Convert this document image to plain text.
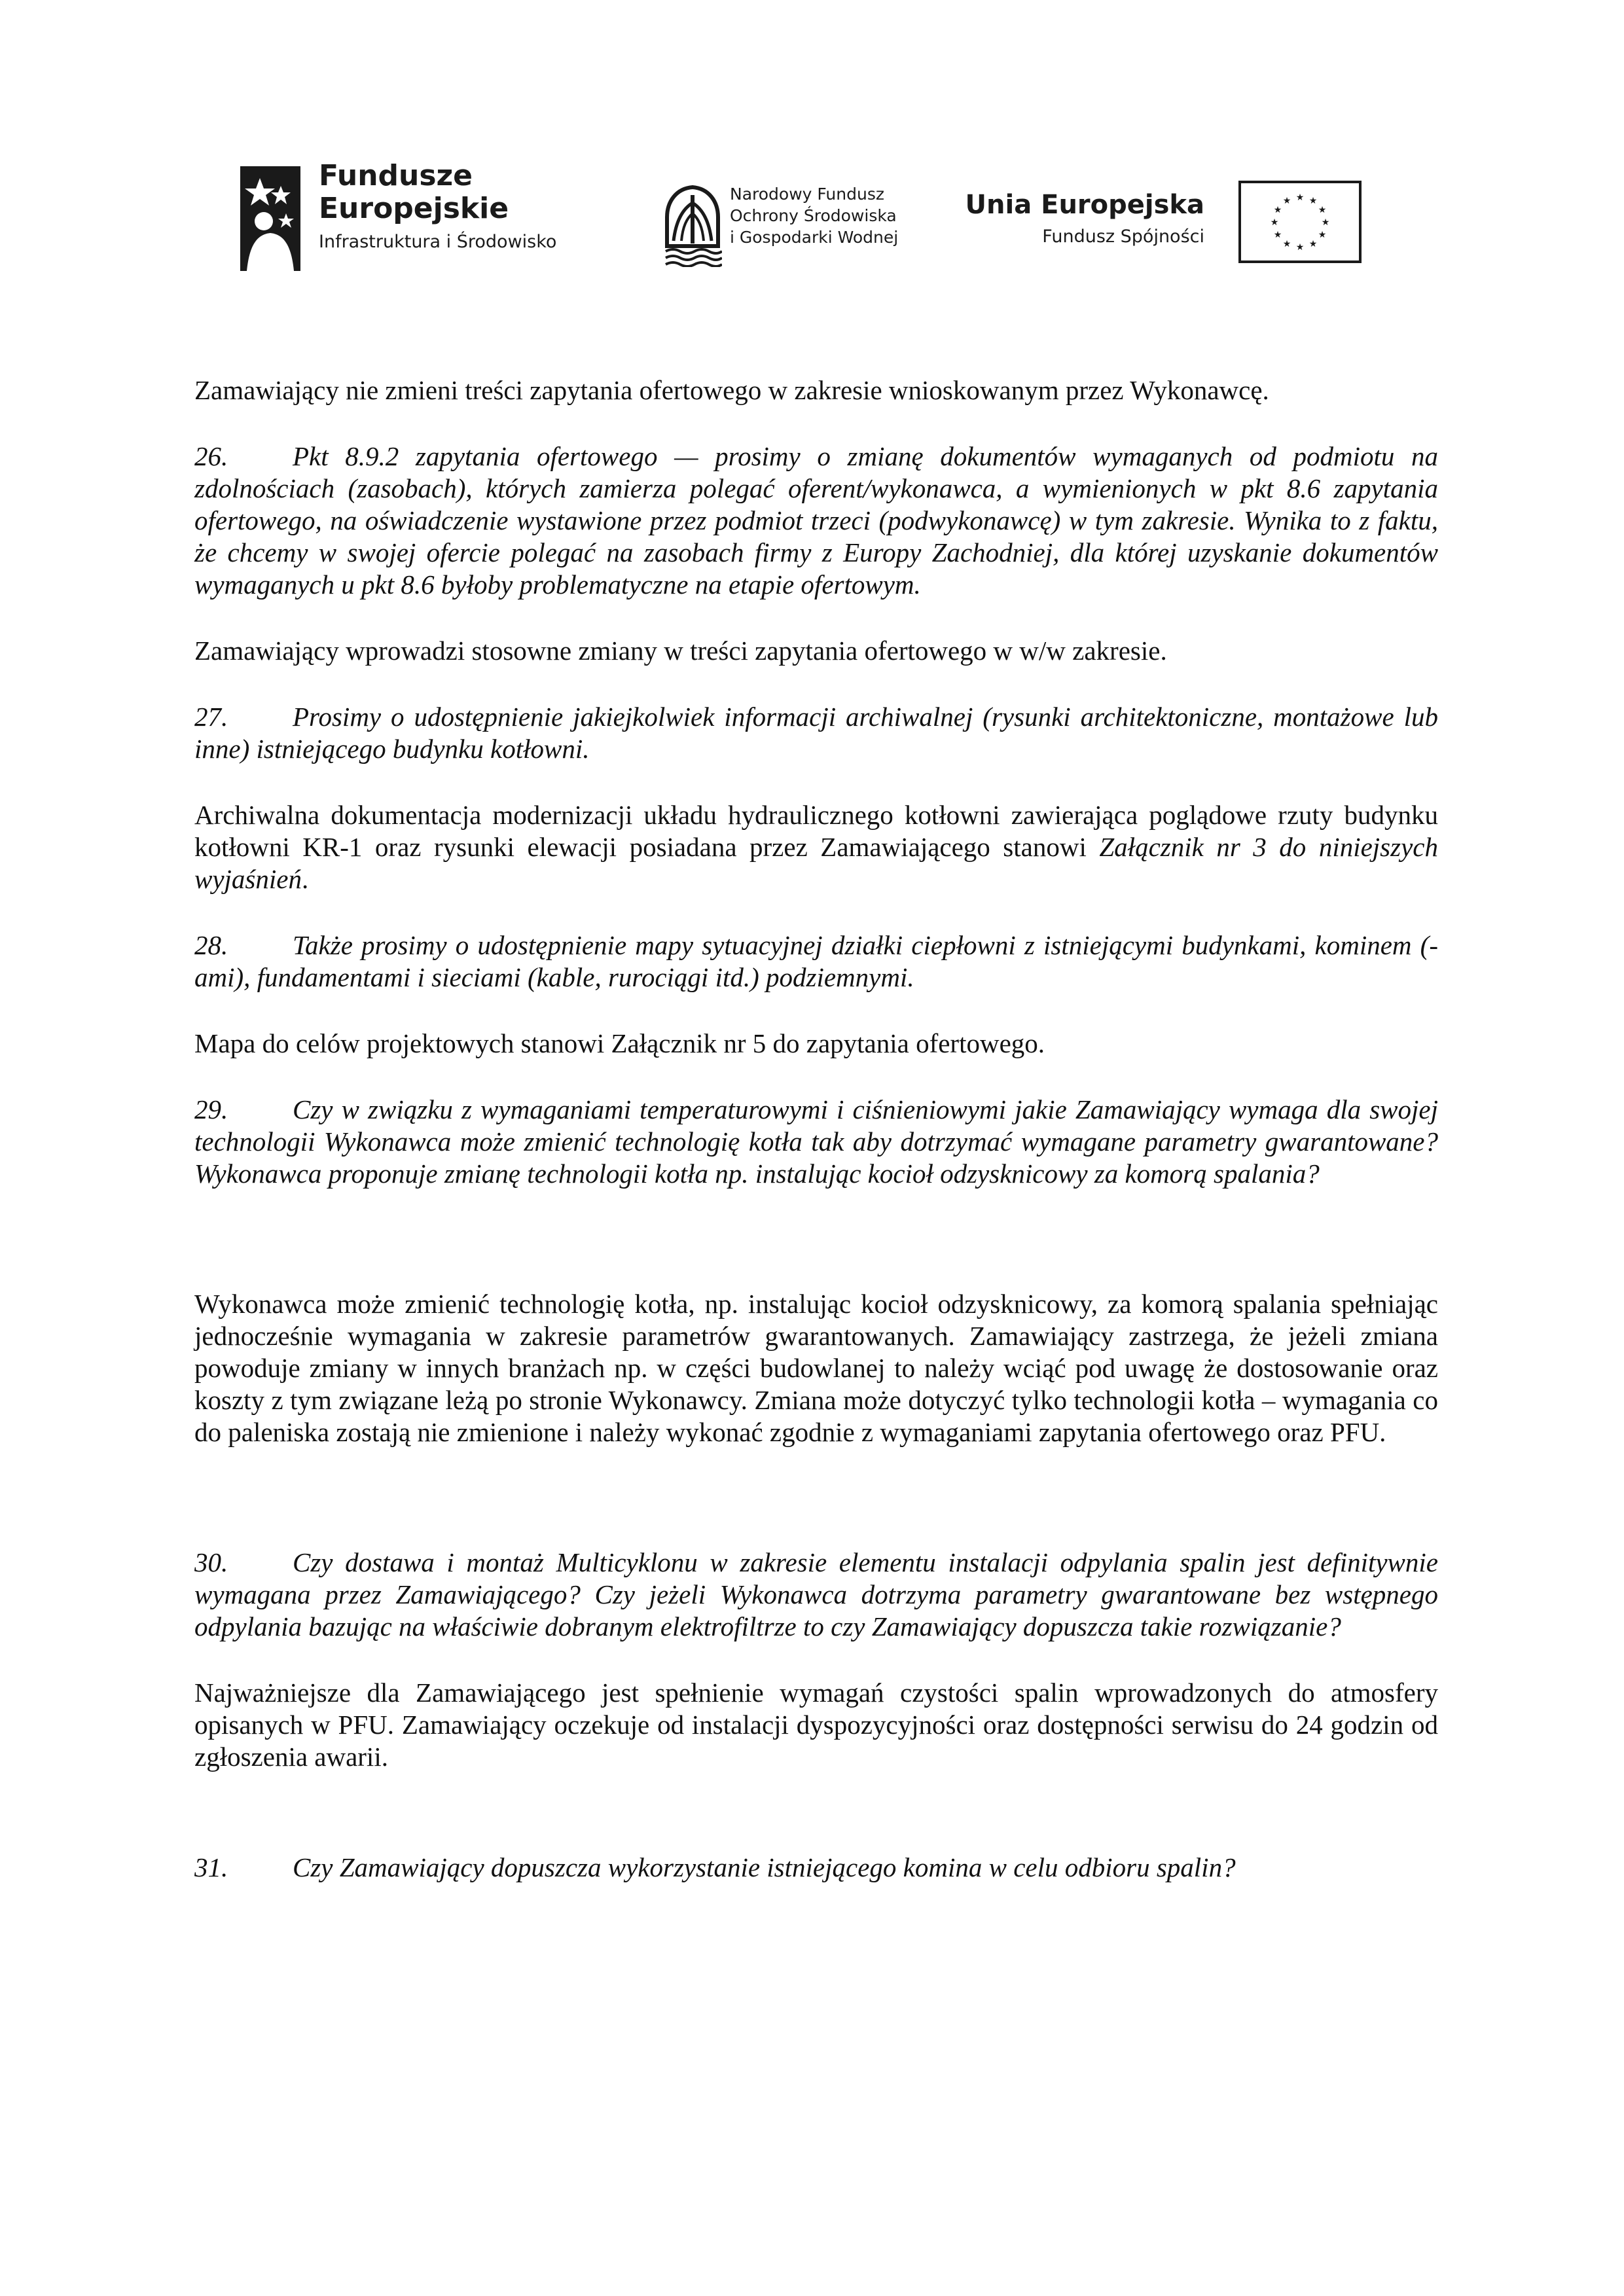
Fundusze
Europejskie
Infrastruktura i Środowisko
Narodowy Fundusz
Ochrony Środowiska
i Gospodarki Wodnej
Unia Europejska
Fundusz Spójności
★ ★
★
★
★
★
★
★
★
★
★
★

Zamawiający nie zmieni treści zapytania ofertowego w zakresie wnioskowanym przez Wykonawcę.

26. Pkt 8.9.2 zapytania ofertowego — prosimy o zmianę dokumentów wymaganych od podmiotu na zdolnościach (zasobach), których zamierza polegać oferent/wykonawca, a wymienionych w pkt 8.6 zapytania ofertowego, na oświadczenie wystawione przez podmiot trzeci (podwykonawcę) w tym zakresie. Wynika to z faktu, że chcemy w swojej ofercie polegać na zasobach firmy z Europy Zachodniej, dla której uzyskanie dokumentów wymaganych u pkt 8.6 byłoby problematyczne na etapie ofertowym.

Zamawiający wprowadzi stosowne zmiany w treści zapytania ofertowego w w/w zakresie.

27. Prosimy o udostępnienie jakiejkolwiek informacji archiwalnej (rysunki architektoniczne, montażowe lub inne) istniejącego budynku kotłowni.

Archiwalna dokumentacja modernizacji układu hydraulicznego kotłowni zawierająca poglądowe rzuty budynku kotłowni KR-1 oraz rysunki elewacji posiadana przez Zamawiającego stanowi Załącznik nr 3 do niniejszych wyjaśnień.

28. Także prosimy o udostępnienie mapy sytuacyjnej działki ciepłowni z istniejącymi budynkami, kominem (-ami), fundamentami i sieciami (kable, rurociągi itd.) podziemnymi.

Mapa do celów projektowych stanowi Załącznik nr 5 do zapytania ofertowego.

29. Czy w związku z wymaganiami temperaturowymi i ciśnieniowymi jakie Zamawiający wymaga dla swojej technologii Wykonawca może zmienić technologię kotła tak aby dotrzymać wymagane parametry gwarantowane? Wykonawca proponuje zmianę technologii kotła np. instalując kocioł odzysknicowy za komorą spalania?

Wykonawca może zmienić technologię kotła, np. instalując kocioł odzysknicowy, za komorą spalania spełniając jednocześnie wymagania w zakresie parametrów gwarantowanych. Zamawiający zastrzega, że jeżeli zmiana powoduje zmiany w innych branżach np. w części budowlanej to należy wciąć pod uwagę że dostosowanie oraz koszty z tym związane leżą po stronie Wykonawcy. Zmiana może dotyczyć tylko technologii kotła – wymagania co do paleniska zostają nie zmienione i należy wykonać zgodnie z wymaganiami zapytania ofertowego oraz PFU.

30. Czy dostawa i montaż Multicyklonu w zakresie elementu instalacji odpylania spalin jest definitywnie wymagana przez Zamawiającego? Czy jeżeli Wykonawca dotrzyma parametry gwarantowane bez wstępnego odpylania bazując na właściwie dobranym elektrofiltrze to czy Zamawiający dopuszcza takie rozwiązanie?

Najważniejsze dla Zamawiającego jest spełnienie wymagań czystości spalin wprowadzonych do atmosfery opisanych w PFU. Zamawiający oczekuje od instalacji dyspozycyjności oraz dostępności serwisu do 24 godzin od zgłoszenia awarii.

31. Czy Zamawiający dopuszcza wykorzystanie istniejącego komina w celu odbioru spalin?
